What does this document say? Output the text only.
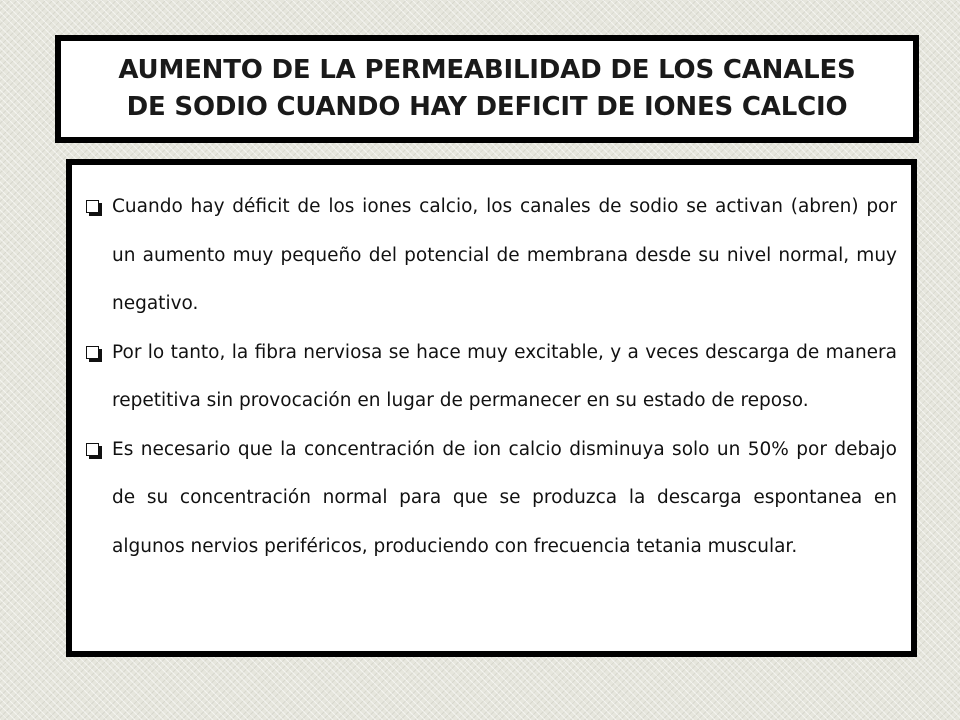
AUMENTO DE LA PERMEABILIDAD DE LOS CANALES
DE SODIO CUANDO HAY DEFICIT DE IONES CALCIO

Cuando hay déficit de los iones calcio, los canales de sodio se activan (abren) por un aumento muy pequeño del potencial de membrana desde su nivel normal, muy negativo.

Por lo tanto, la fibra nerviosa se hace muy excitable, y a veces descarga de manera repetitiva sin provocación en lugar de permanecer en su estado de reposo.

Es necesario que la concentración de ion calcio disminuya solo un 50% por debajo de su concentración normal para que se produzca la descarga espontanea en algunos nervios periféricos, produciendo con frecuencia tetania muscular.
